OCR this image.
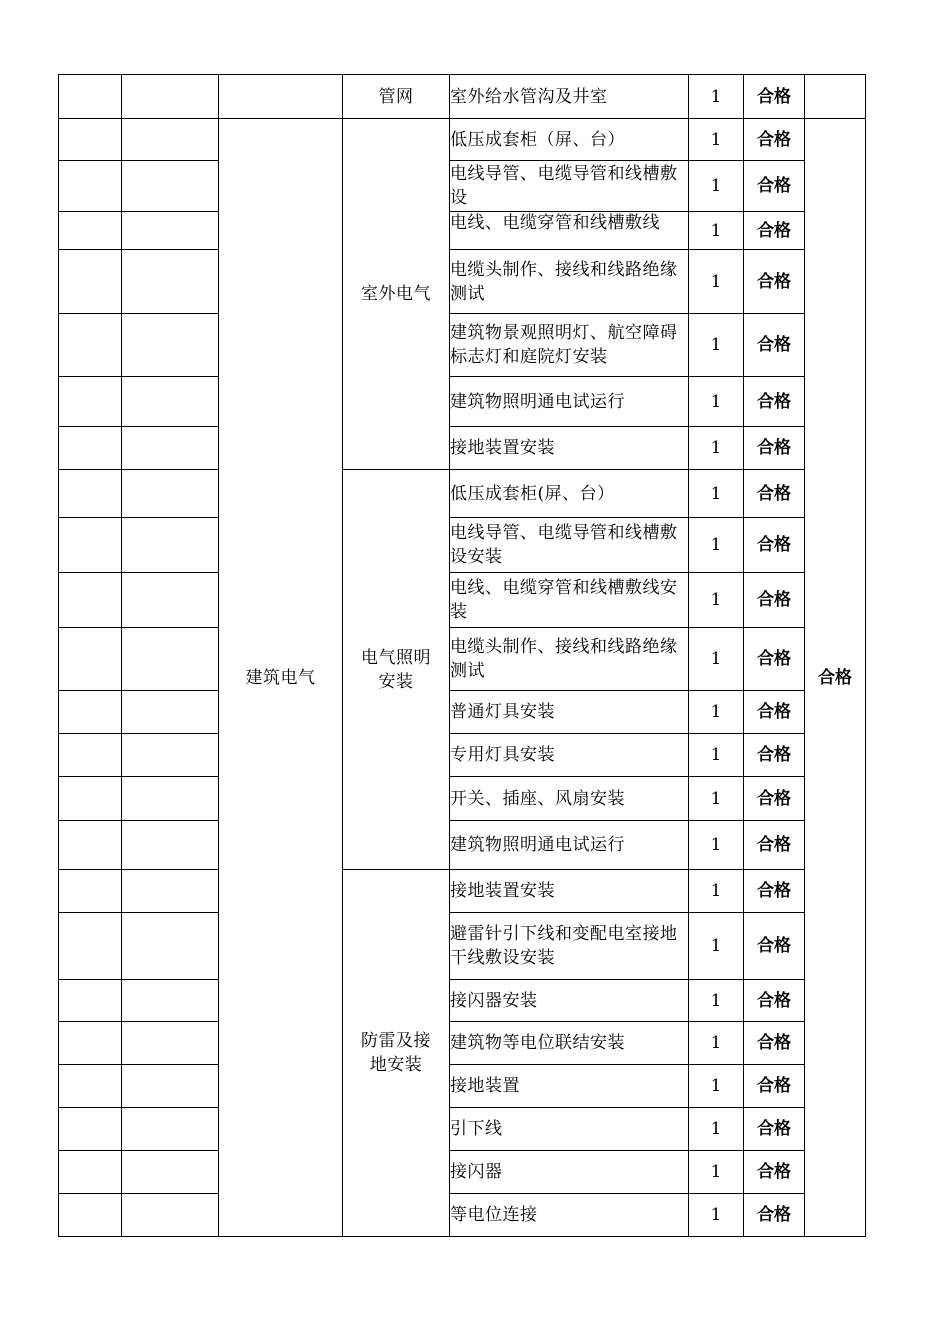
			管网	室外给水管沟及井室	1	合格	
		建筑电气	室外电气	低压成套柜（屏、台）	1	合格	合格
				电线导管、电缆导管和线槽敷设	1	合格	
				电线、电缆穿管和线槽敷线	1	合格	
				电缆头制作、接线和线路绝缘测试	1	合格	
				建筑物景观照明灯、航空障碍标志灯和庭院灯安装	1	合格	
				建筑物照明通电试运行	1	合格	
				接地装置安装	1	合格	
			电气照明安装	低压成套柜(屏、台）	1	合格	
				电线导管、电缆导管和线槽敷设安装	1	合格	
				电线、电缆穿管和线槽敷线安装	1	合格	
				电缆头制作、接线和线路绝缘测试	1	合格	
				普通灯具安装	1	合格	
				专用灯具安装	1	合格	
				开关、插座、风扇安装	1	合格	
				建筑物照明通电试运行	1	合格	
			防雷及接地安装	接地装置安装	1	合格	
				避雷针引下线和变配电室接地干线敷设安装	1	合格	
				接闪器安装	1	合格	
				建筑物等电位联结安装	1	合格	
				接地装置	1	合格	
				引下线	1	合格	
				接闪器	1	合格	
				等电位连接	1	合格	
